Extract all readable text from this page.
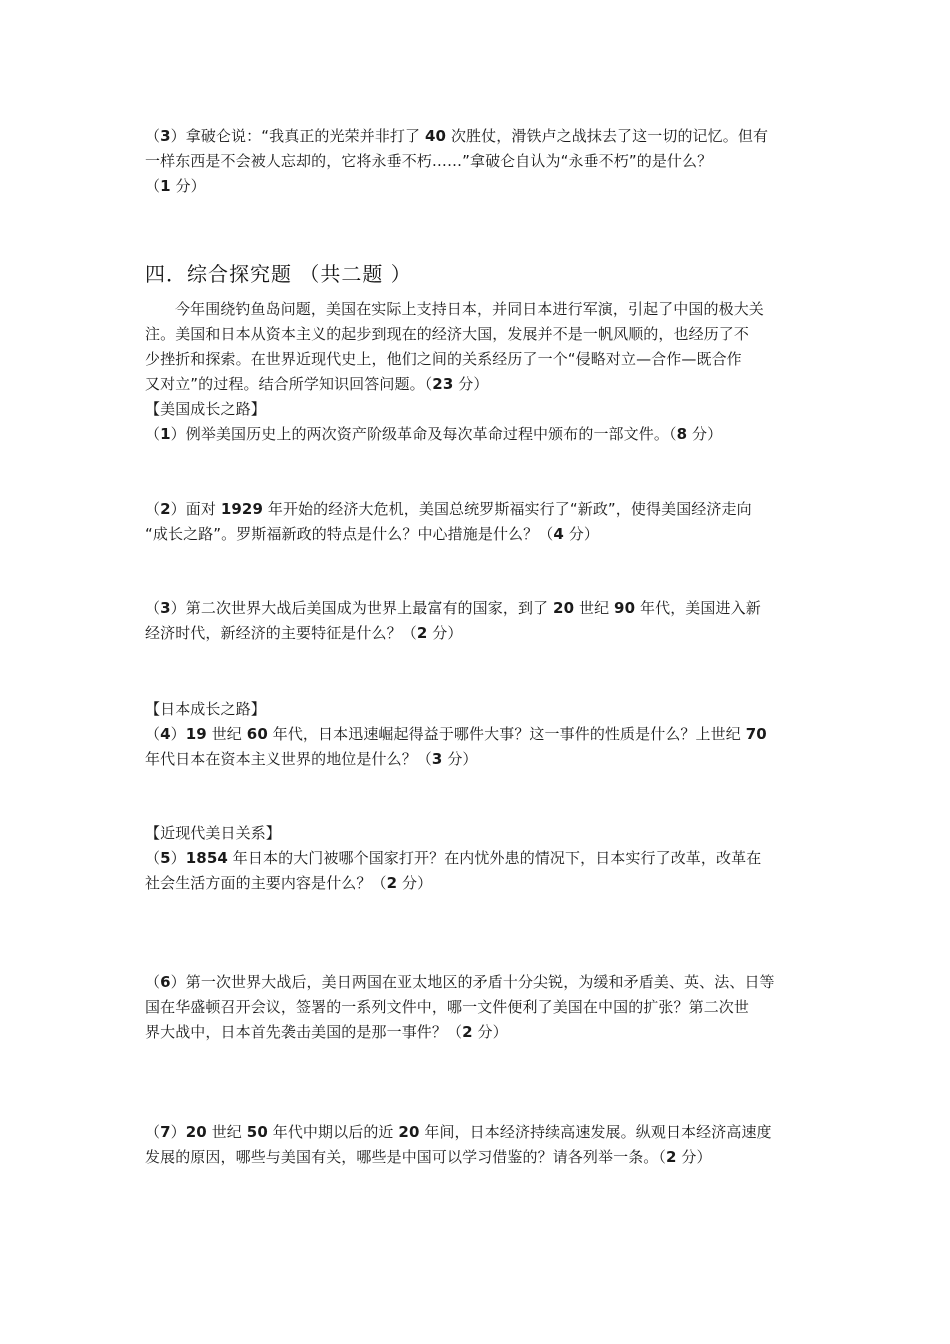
（3）拿破仑说：“我真正的光荣并非打了 40 次胜仗，滑铁卢之战抹去了这一切的记忆。但有
一样东西是不会被人忘却的，它将永垂不朽……”拿破仑自认为“永垂不朽”的是什么？
（1 分）
四．综合探究题 （共二题 ）
今年围绕钓鱼岛问题，美国在实际上支持日本，并同日本进行军演，引起了中国的极大关
注。美国和日本从资本主义的起步到现在的经济大国，发展并不是一帆风顺的，也经历了不
少挫折和探索。在世界近现代史上，他们之间的关系经历了一个“侵略对立—合作—既合作
又对立”的过程。结合所学知识回答问题。（23 分）
【美国成长之路】
（1）例举美国历史上的两次资产阶级革命及每次革命过程中颁布的一部文件。（8 分）
（2）面对 1929 年开始的经济大危机，美国总统罗斯福实行了“新政”，使得美国经济走向
“成长之路”。罗斯福新政的特点是什么？中心措施是什么？（4 分）
（3）第二次世界大战后美国成为世界上最富有的国家，到了 20 世纪 90 年代，美国进入新
经济时代，新经济的主要特征是什么？（2 分）
【日本成长之路】
（4）19 世纪 60 年代，日本迅速崛起得益于哪件大事？这一事件的性质是什么？上世纪 70
年代日本在资本主义世界的地位是什么？（3 分）
【近现代美日关系】
（5）1854 年日本的大门被哪个国家打开？在内忧外患的情况下，日本实行了改革，改革在
社会生活方面的主要内容是什么？（2 分）
（6）第一次世界大战后，美日两国在亚太地区的矛盾十分尖锐，为缓和矛盾美、英、法、日等
国在华盛顿召开会议，签署的一系列文件中，哪一文件便利了美国在中国的扩张？第二次世
界大战中，日本首先袭击美国的是那一事件？（2 分）
（7）20 世纪 50 年代中期以后的近 20 年间，日本经济持续高速发展。纵观日本经济高速度
发展的原因，哪些与美国有关，哪些是中国可以学习借鉴的？请各列举一条。（2 分）
